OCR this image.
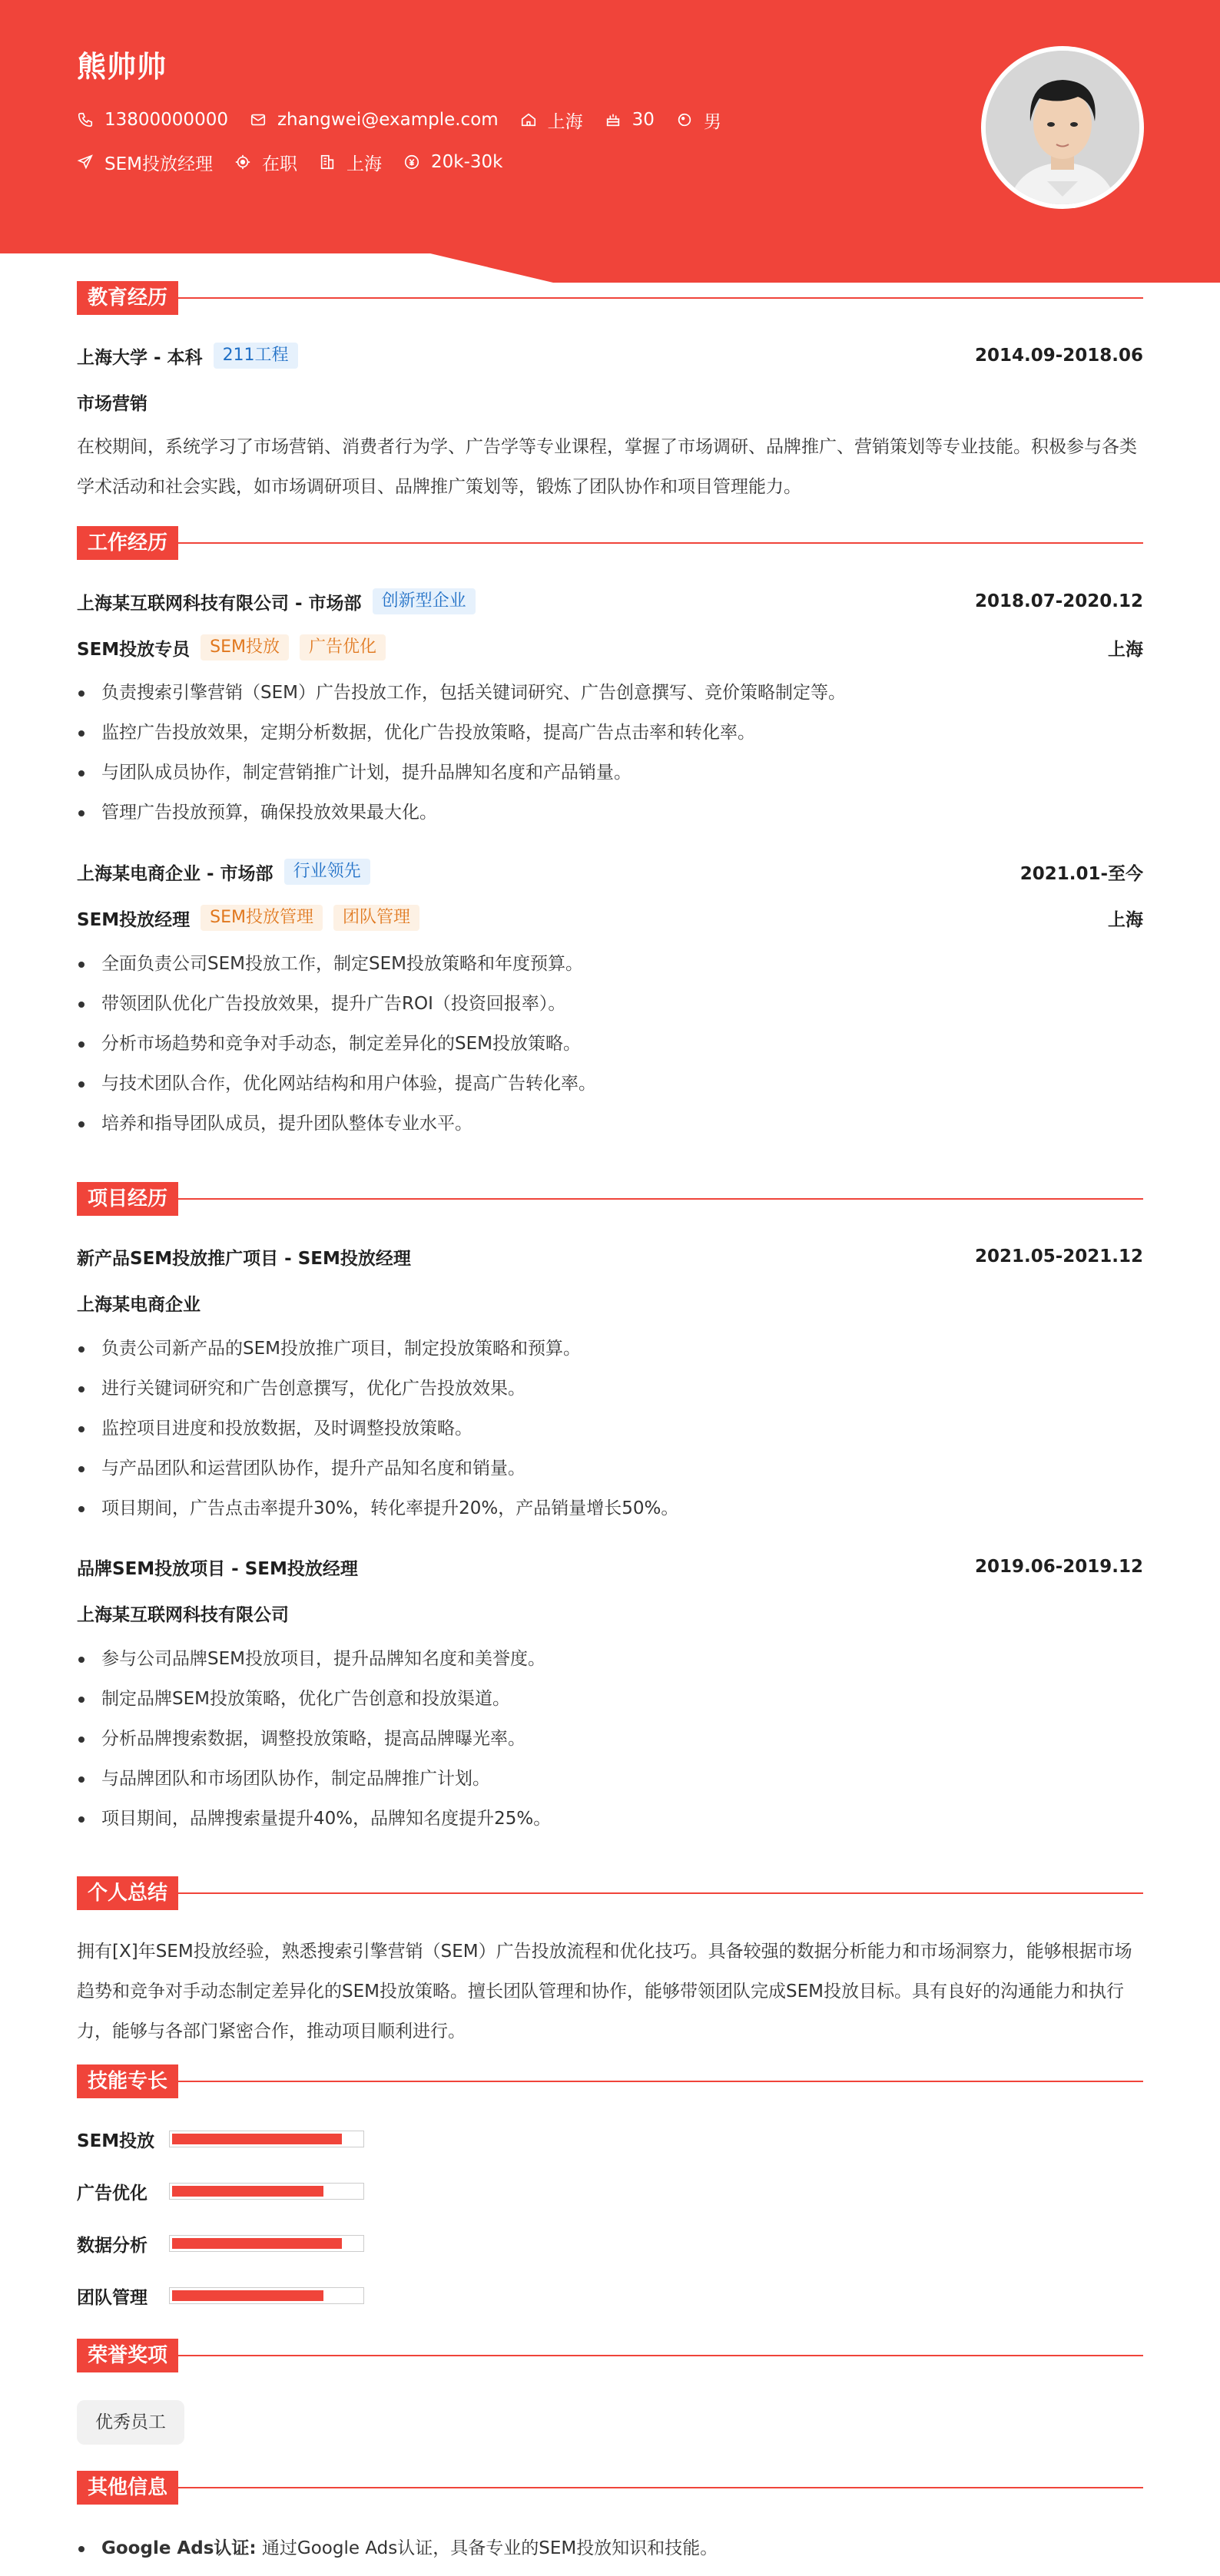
熊帅帅
13800000000	zhangwei@example.com	上海	30	男
SEM投放经理	在职	上海	20k-30k
教育经历
上海大学 - 本科	211工程	2014.09-2018.06
市场营销
在校期间，系统学习了市场营销、消费者行为学、广告学等专业课程，掌握了市场调研、品牌推广、营销策划等专业技能。积极参与各类学术活动和社会实践，如市场调研项目、品牌推广策划等，锻炼了团队协作和项目管理能力。
工作经历
上海某互联网科技有限公司 - 市场部	创新型企业	2018.07-2020.12
SEM投放专员	SEM投放	广告优化	上海
负责搜索引擎营销（SEM）广告投放工作，包括关键词研究、广告创意撰写、竞价策略制定等。
监控广告投放效果，定期分析数据，优化广告投放策略，提高广告点击率和转化率。
与团队成员协作，制定营销推广计划，提升品牌知名度和产品销量。
管理广告投放预算，确保投放效果最大化。
上海某电商企业 - 市场部	行业领先	2021.01-至今
SEM投放经理	SEM投放管理	团队管理	上海
全面负责公司SEM投放工作，制定SEM投放策略和年度预算。
带领团队优化广告投放效果，提升广告ROI（投资回报率）。
分析市场趋势和竞争对手动态，制定差异化的SEM投放策略。
与技术团队合作，优化网站结构和用户体验，提高广告转化率。
培养和指导团队成员，提升团队整体专业水平。
项目经历
新产品SEM投放推广项目 - SEM投放经理	2021.05-2021.12
上海某电商企业
负责公司新产品的SEM投放推广项目，制定投放策略和预算。
进行关键词研究和广告创意撰写，优化广告投放效果。
监控项目进度和投放数据，及时调整投放策略。
与产品团队和运营团队协作，提升产品知名度和销量。
项目期间，广告点击率提升30%，转化率提升20%，产品销量增长50%。
品牌SEM投放项目 - SEM投放经理	2019.06-2019.12
上海某互联网科技有限公司
参与公司品牌SEM投放项目，提升品牌知名度和美誉度。
制定品牌SEM投放策略，优化广告创意和投放渠道。
分析品牌搜索数据，调整投放策略，提高品牌曝光率。
与品牌团队和市场团队协作，制定品牌推广计划。
项目期间，品牌搜索量提升40%，品牌知名度提升25%。
个人总结
拥有[X]年SEM投放经验，熟悉搜索引擎营销（SEM）广告投放流程和优化技巧。具备较强的数据分析能力和市场洞察力，能够根据市场趋势和竞争对手动态制定差异化的SEM投放策略。擅长团队管理和协作，能够带领团队完成SEM投放目标。具有良好的沟通能力和执行力，能够与各部门紧密合作，推动项目顺利进行。
技能专长
SEM投放
广告优化
数据分析
团队管理
荣誉奖项
优秀员工
其他信息
Google Ads认证: 通过Google Ads认证，具备专业的SEM投放知识和技能。
